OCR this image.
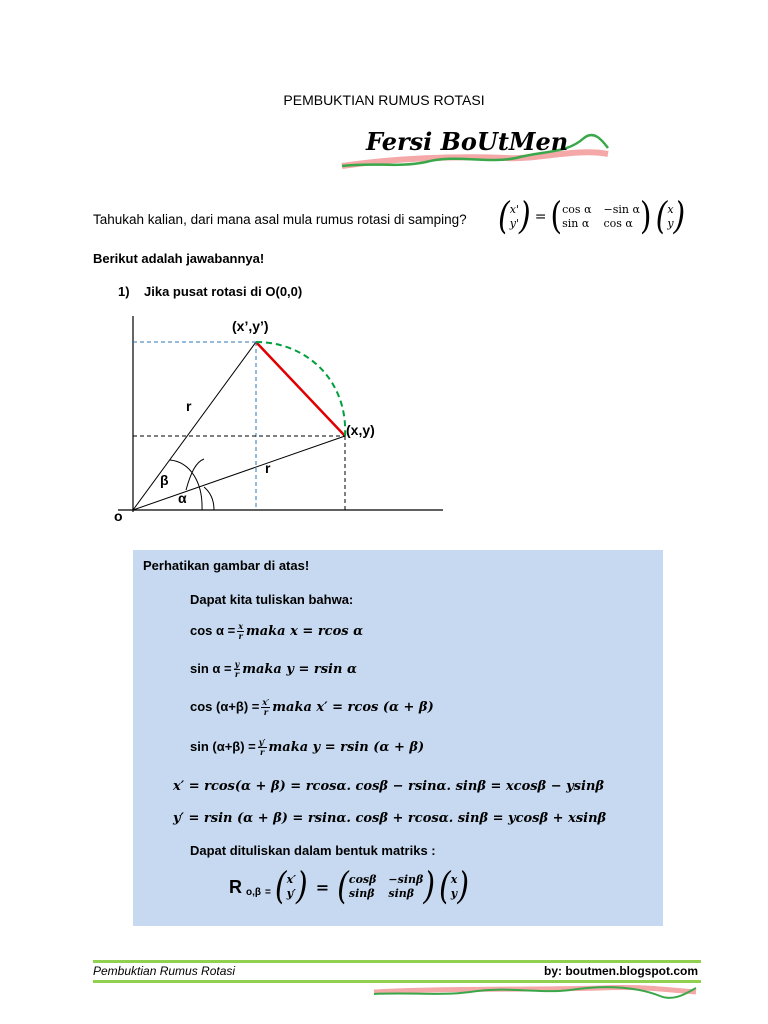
PEMBUKTIAN RUMUS ROTASI
Fersi BoUtMen
Tahukah kalian, dari mana asal mula rumus rotasi di samping? ( x'
y' ) = ( cos α −sin α
sin α cos α ) ( x
y )
Berikut adalah jawabannya!
1) Jika pusat rotasi di O(0,0)
(x’,y’)
(x,y)
r
r
β
α
o
Perhatikan gambar di atas!
Dapat kita tuliskan bahwa:
$\cos \alpha = \frac{x}{r}$ maka x = rcos α
$\sin \alpha = \frac{y}{r}$ maka y = rsin α
$\cos (\alpha+\beta) = \frac{x'}{r}$ maka x′ = rcos (α + β)
$\sin (\alpha+\beta) = \frac{y'}{r}$ maka y = rsin (α + β)
x′ = rcos(α + β) = rcosα. cosβ − rsinα. sinβ = xcosβ − ysinβ
y′ = rsin (α + β) = rsinα. cosβ + rcosα. sinβ = ycosβ + xsinβ
Dapat dituliskan dalam bentuk matriks :
R o,β = ( x′
y′ ) = ( cosβ −sinβ
sinβ sinβ ) ( x
y )
Pembuktian Rumus Rotasi	by: boutmen.blogspot.com
